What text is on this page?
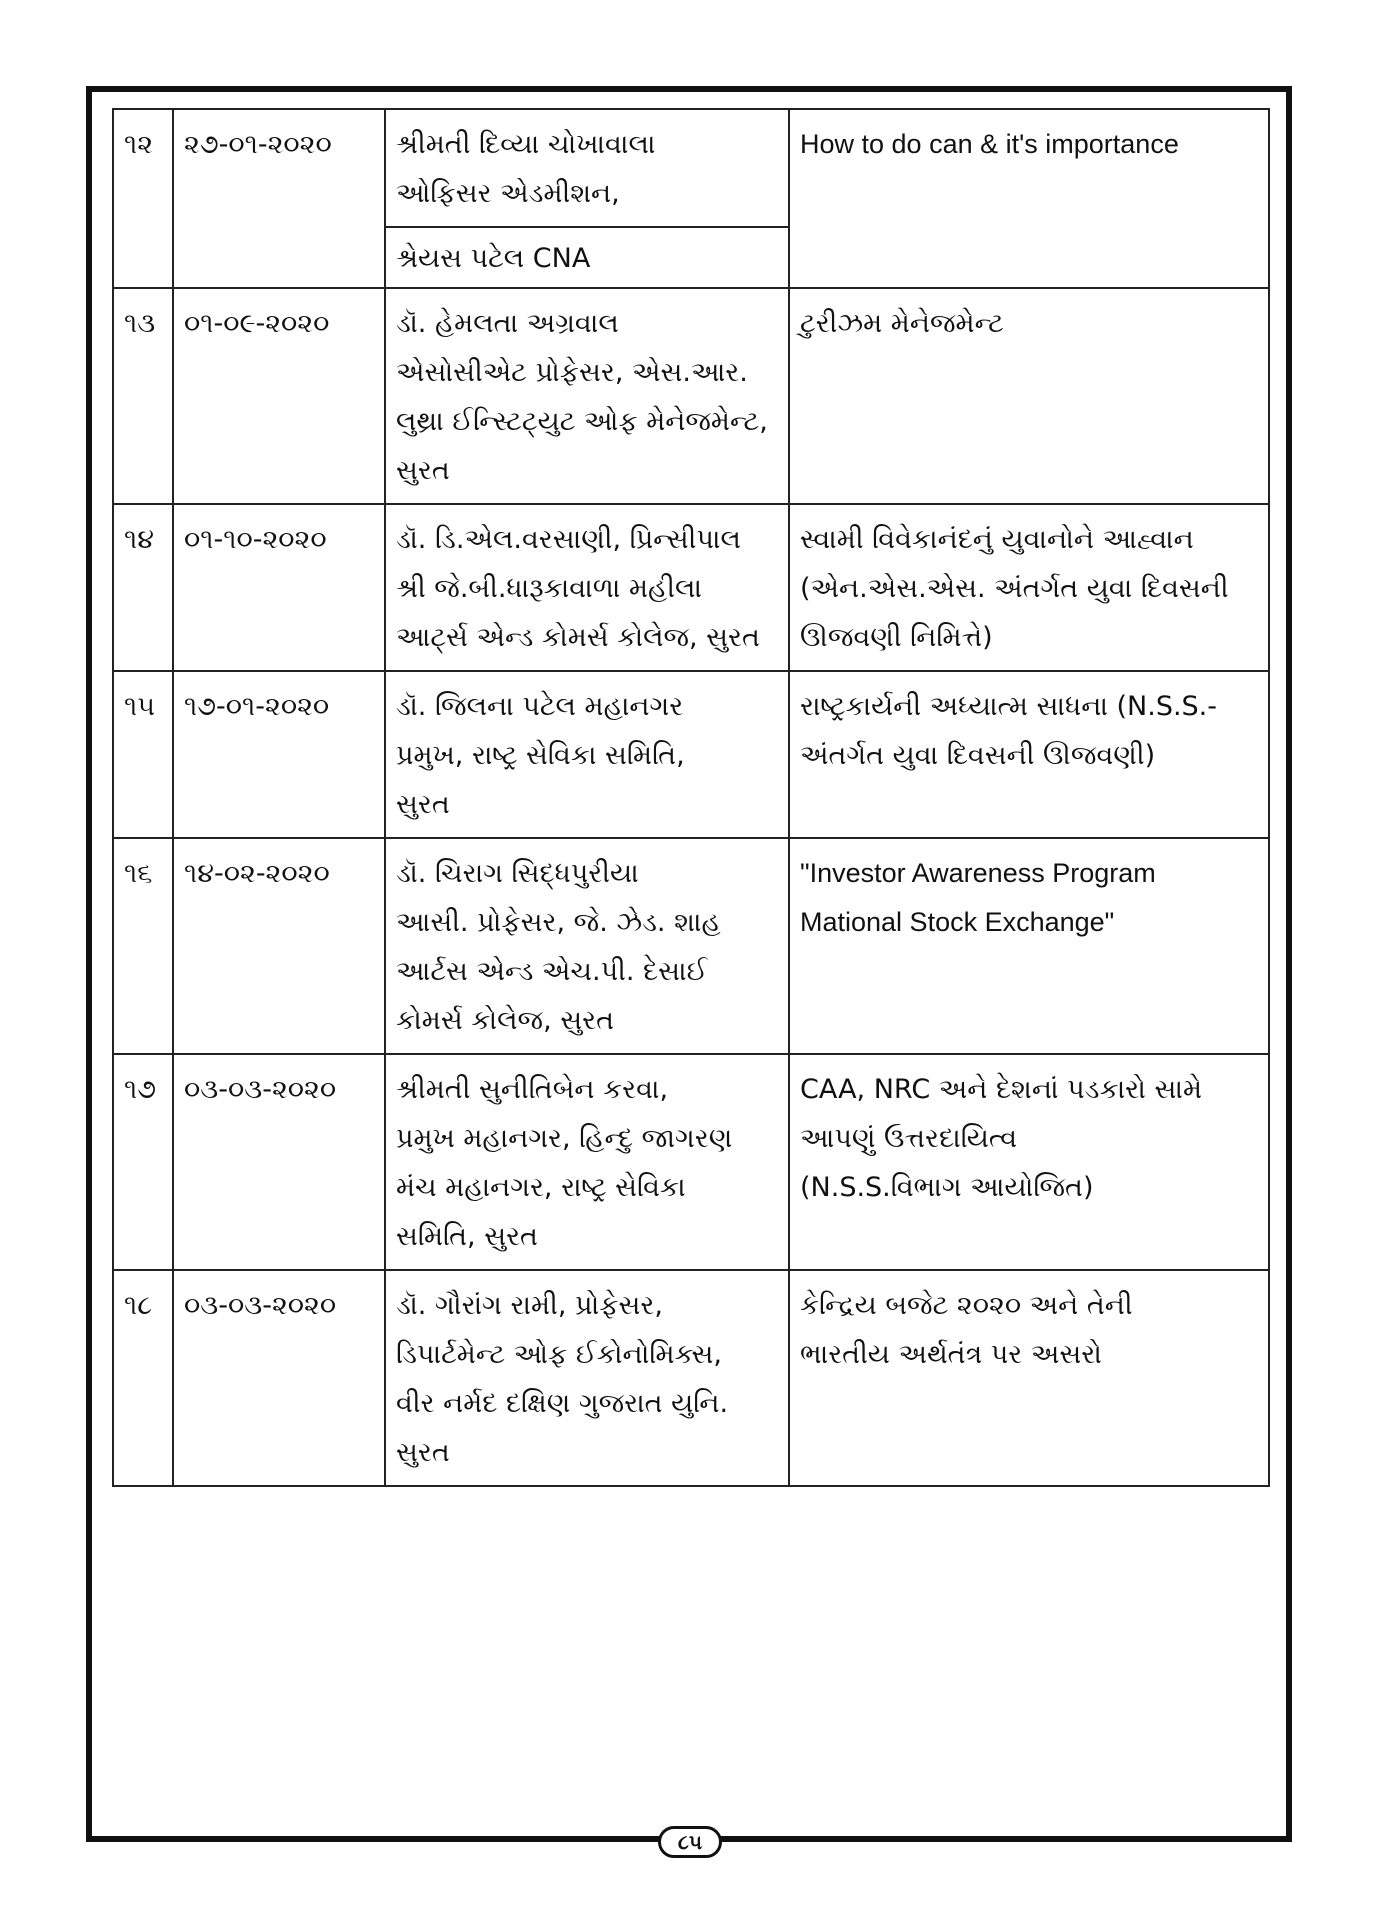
૧૨	૨૭-૦૧-૨૦૨૦	શ્રીમતી દિવ્યા ચોખાવાલા
ઓફિસર એડમીશન,	How to do can & it's importance

		શ્રેયસ પટેલ CNA	

૧૩	૦૧-૦૯-૨૦૨૦	ડૉ. હેમલતા અગ્રવાલ
એસોસીએટ પ્રોફેસર, એસ.આર.
લુથ્રા ઈન્સ્ટિટ્યુટ ઓફ મેનેજમેન્ટ,
સુરત	ટુરીઝમ મેનેજમેન્ટ

૧૪	૦૧-૧૦-૨૦૨૦	ડૉ. ડિ.એલ.વરસાણી, પ્રિન્સીપાલ
શ્રી જે.બી.ધારૂકાવાળા મહીલા
આર્ટ્સ એન્ડ કોમર્સ કોલેજ, સુરત	સ્વામી વિવેકાનંદનું યુવાનોને આહ્વાન
(એન.એસ.એસ. અંતર્ગત યુવા દિવસની
ઊજવણી નિમિત્તે)

૧૫	૧૭-૦૧-૨૦૨૦	ડૉ. જિલના પટેલ મહાનગર
પ્રમુખ, રાષ્ટ્ર સેવિકા સમિતિ,
સુરત	રાષ્ટ્રકાર્યની અધ્યાત્મ સાધના (N.S.S.-
અંતર્ગત યુવા દિવસની ઊજવણી)

૧૬	૧૪-૦૨-૨૦૨૦	ડૉ. ચિરાગ સિદ્ધપુરીયા
આસી. પ્રોફેસર, જે. ઝેડ. શાહ
આર્ટસ એન્ડ એચ.પી. દેસાઈ
કોમર્સ કોલેજ, સુરત	"Investor Awareness Program
Mational Stock Exchange"

૧૭	૦૩-૦૩-૨૦૨૦	શ્રીમતી સુનીતિબેન કરવા,
પ્રમુખ મહાનગર, હિન્દુ જાગરણ
મંચ મહાનગર, રાષ્ટ્ર સેવિકા
સમિતિ, સુરત	CAA, NRC અને દેશનાં પડકારો સામે
આપણું ઉત્તરદાયિત્વ
(N.S.S.વિભાગ આયોજિત)

૧૮	૦૩-૦૩-૨૦૨૦	ડૉ. ગૌરાંગ રામી, પ્રોફેસર,
ડિપાર્ટમેન્ટ ઓફ ઈકોનોમિક્સ,
વીર નર્મદ દક્ષિણ ગુજરાત યુનિ.
સુરત	કેન્દ્રિય બજેટ ૨૦૨૦ અને તેની
ભારતીય અર્થતંત્ર પર અસરો
૮૫
